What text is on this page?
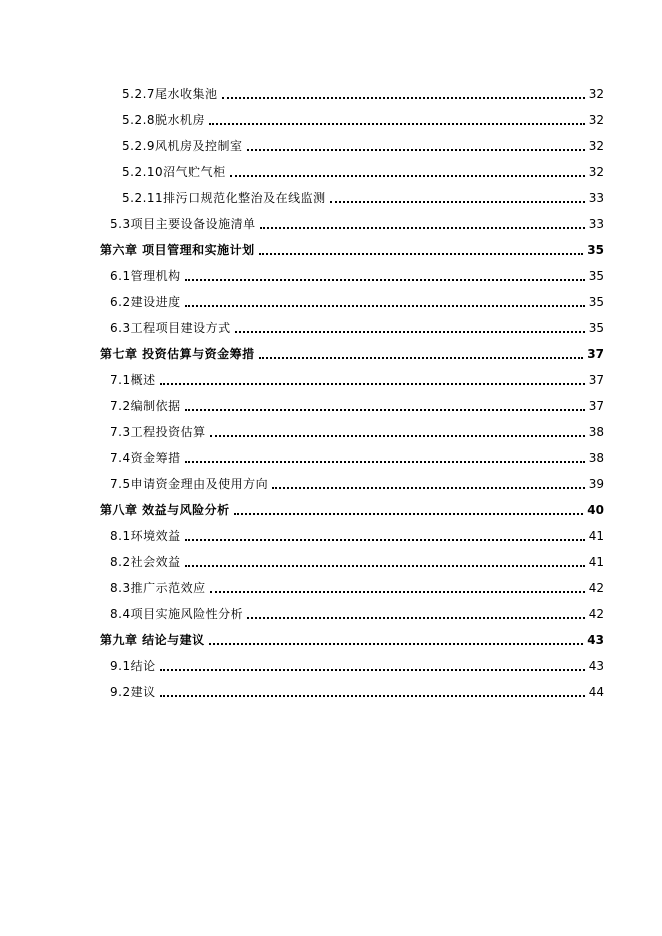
5.2.7尾水收集池	32
5.2.8脱水机房	32
5.2.9风机房及控制室	32
5.2.10沼气贮气柜	32
5.2.11排污口规范化整治及在线监测	33
5.3项目主要设备设施清单	33
第六章 项目管理和实施计划	35
6.1管理机构	35
6.2建设进度	35
6.3工程项目建设方式	35
第七章 投资估算与资金筹措	37
7.1概述	37
7.2编制依据	37
7.3工程投资估算	38
7.4资金筹措	38
7.5申请资金理由及使用方向	39
第八章 效益与风险分析	40
8.1环境效益	41
8.2社会效益	41
8.3推广示范效应	42
8.4项目实施风险性分析	42
第九章 结论与建议	43
9.1结论	43
9.2建议	44
